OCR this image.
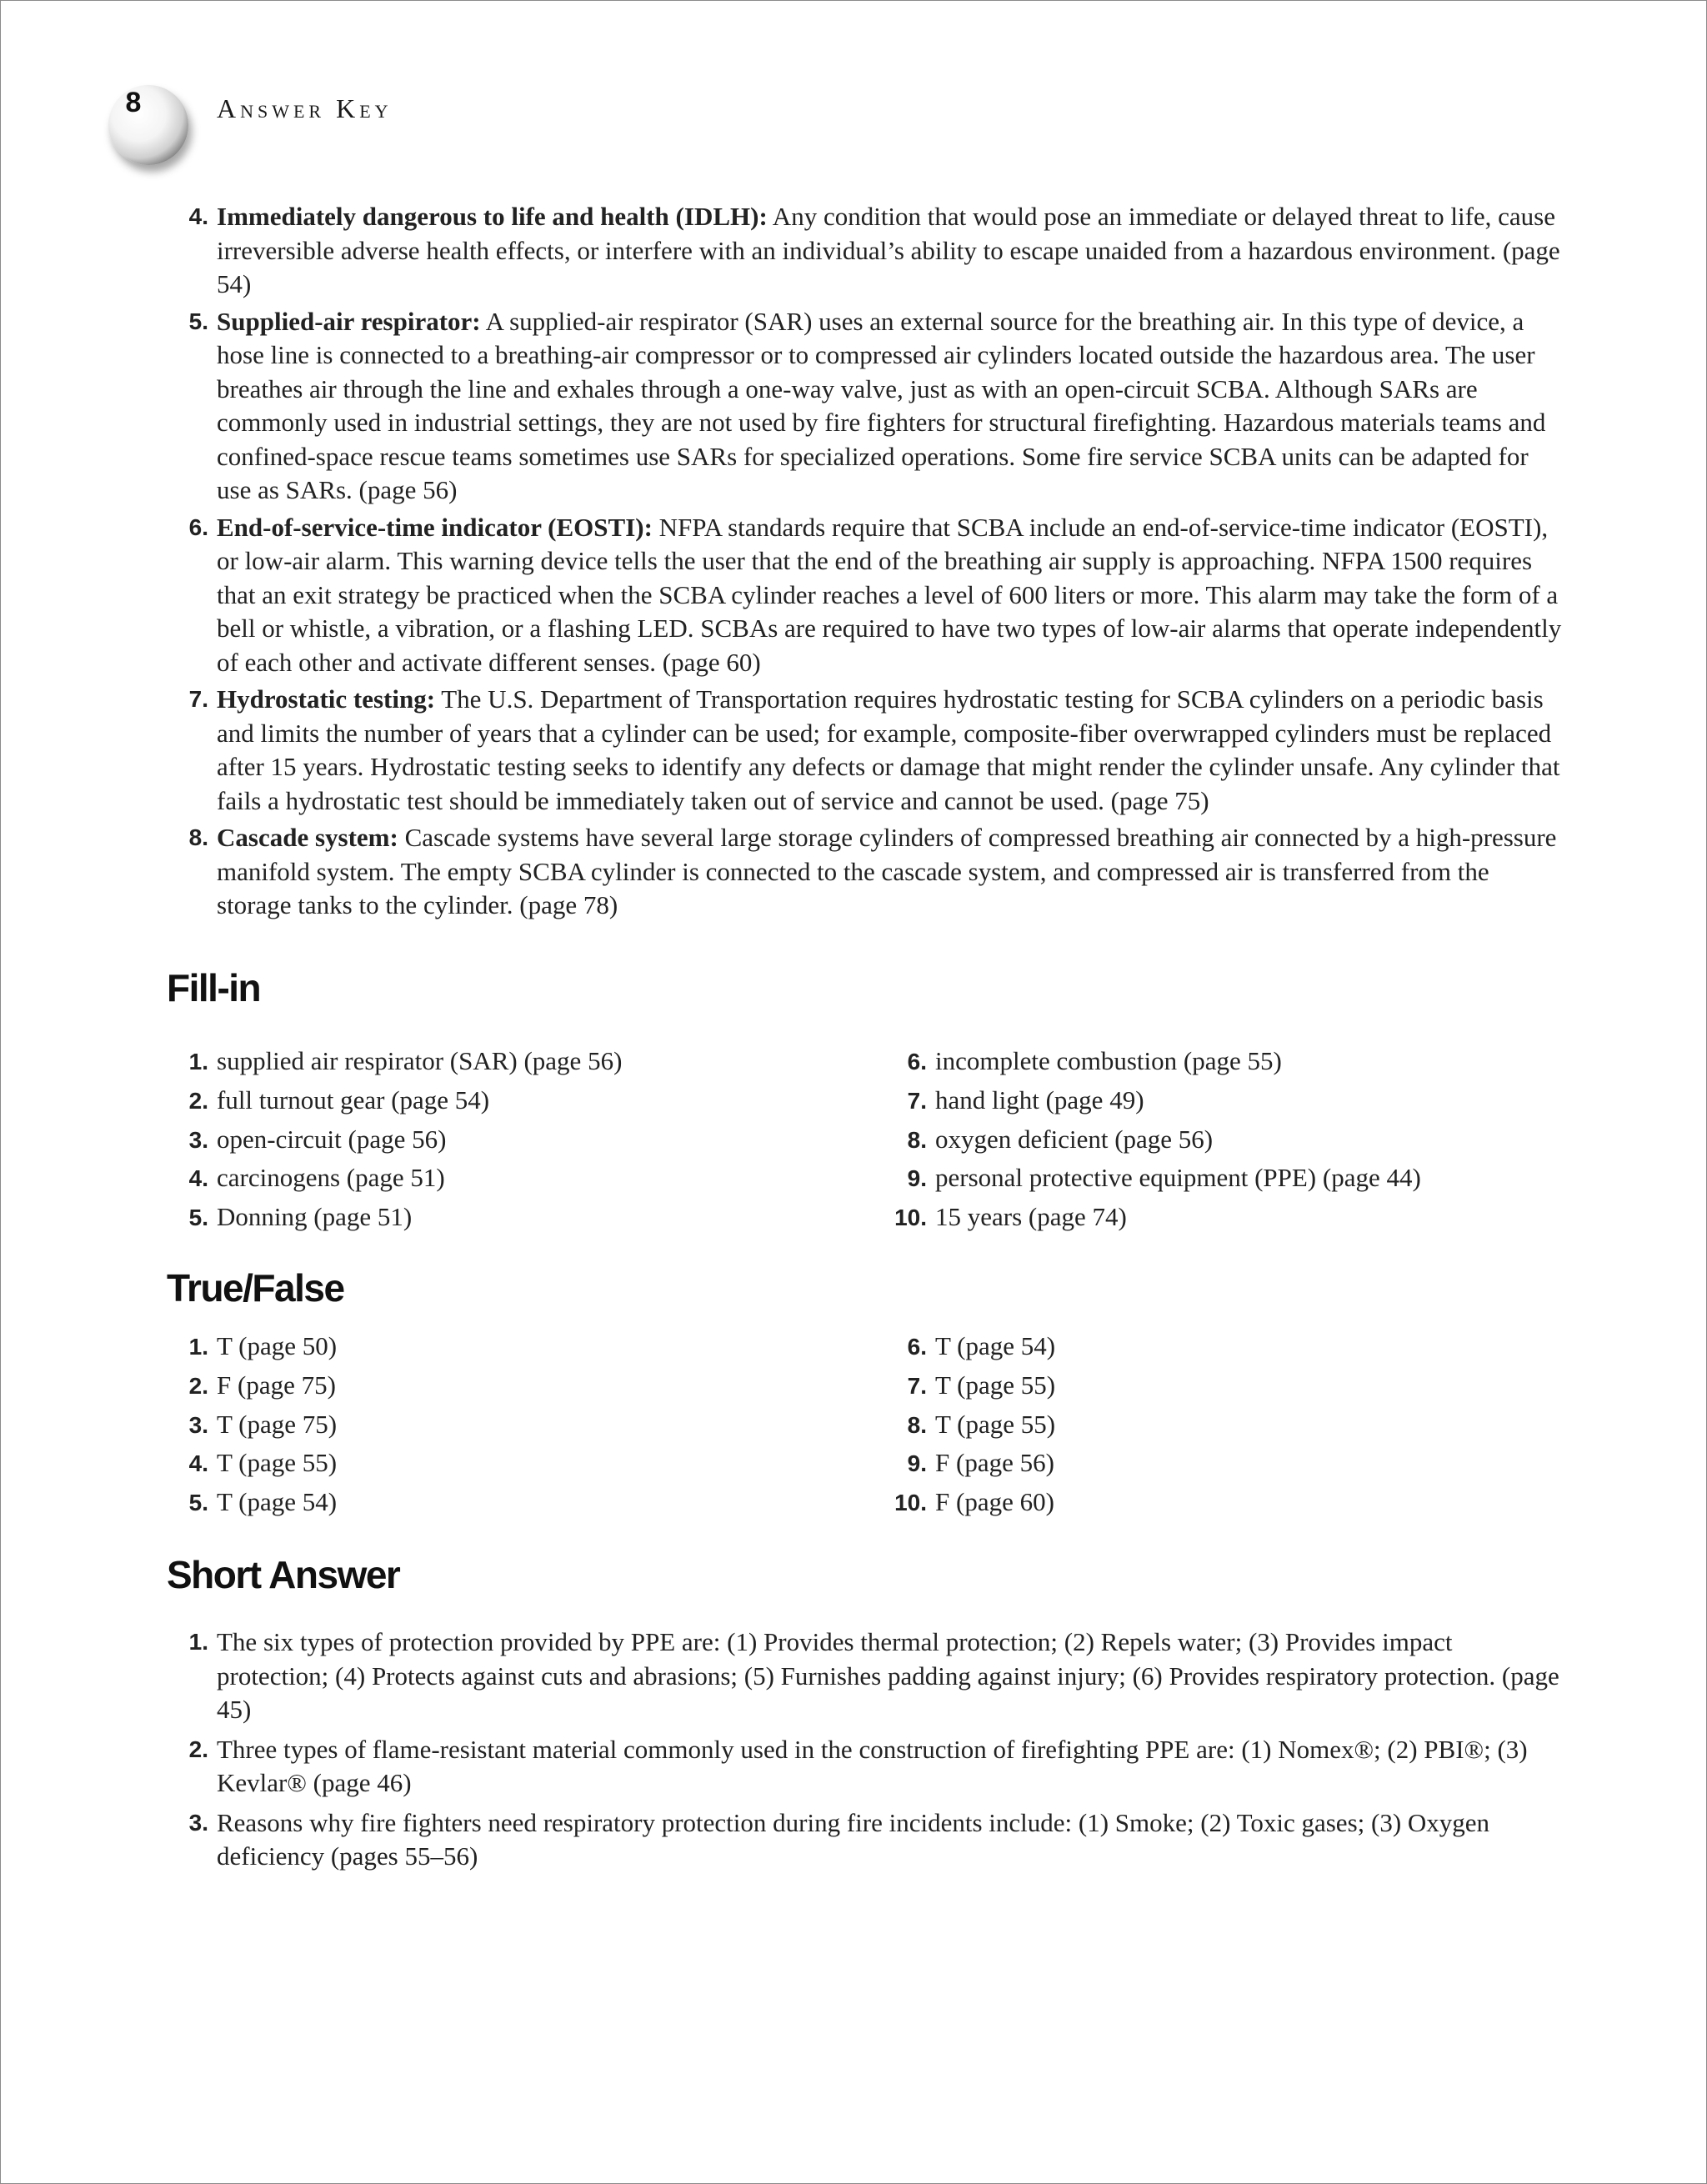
8	Answer Key
4. Immediately dangerous to life and health (IDLH): Any condition that would pose an immediate or delayed threat to life, cause irreversible adverse health effects, or interfere with an individual’s ability to escape unaided from a hazardous environment. (page 54)
5. Supplied-air respirator: A supplied-air respirator (SAR) uses an external source for the breathing air. In this type of device, a hose line is connected to a breathing-air compressor or to compressed air cylinders located outside the hazardous area. The user breathes air through the line and exhales through a one-way valve, just as with an open-circuit SCBA. Although SARs are commonly used in industrial settings, they are not used by fire fighters for structural firefighting. Hazardous materials teams and confined-space rescue teams sometimes use SARs for specialized operations. Some fire service SCBA units can be adapted for use as SARs. (page 56)
6. End-of-service-time indicator (EOSTI): NFPA standards require that SCBA include an end-of-service-time indicator (EOSTI), or low-air alarm. This warning device tells the user that the end of the breathing air supply is approaching. NFPA 1500 requires that an exit strategy be practiced when the SCBA cylinder reaches a level of 600 liters or more. This alarm may take the form of a bell or whistle, a vibration, or a flashing LED. SCBAs are required to have two types of low-air alarms that operate independently of each other and activate different senses. (page 60)
7. Hydrostatic testing: The U.S. Department of Transportation requires hydrostatic testing for SCBA cylinders on a periodic basis and limits the number of years that a cylinder can be used; for example, composite-fiber overwrapped cylinders must be replaced after 15 years. Hydrostatic testing seeks to identify any defects or damage that might render the cylinder unsafe. Any cylinder that fails a hydrostatic test should be immediately taken out of service and cannot be used. (page 75)
8. Cascade system: Cascade systems have several large storage cylinders of compressed breathing air connected by a high-pressure manifold system. The empty SCBA cylinder is connected to the cascade system, and compressed air is transferred from the storage tanks to the cylinder. (page 78)
Fill-in
1. supplied air respirator (SAR) (page 56)	6. incomplete combustion (page 55)
2. full turnout gear (page 54)	7. hand light (page 49)
3. open-circuit (page 56)	8. oxygen deficient (page 56)
4. carcinogens (page 51)	9. personal protective equipment (PPE) (page 44)
5. Donning (page 51)	10. 15 years (page 74)
True/False
1. T (page 50)	6. T (page 54)
2. F (page 75)	7. T (page 55)
3. T (page 75)	8. T (page 55)
4. T (page 55)	9. F (page 56)
5. T (page 54)	10. F (page 60)
Short Answer
1. The six types of protection provided by PPE are: (1) Provides thermal protection; (2) Repels water; (3) Provides impact protection; (4) Protects against cuts and abrasions; (5) Furnishes padding against injury; (6) Provides respiratory protection. (page 45)
2. Three types of flame-resistant material commonly used in the construction of firefighting PPE are: (1) Nomex®; (2) PBI®; (3) Kevlar® (page 46)
3. Reasons why fire fighters need respiratory protection during fire incidents include: (1) Smoke; (2) Toxic gases; (3) Oxygen deficiency (pages 55–56)
